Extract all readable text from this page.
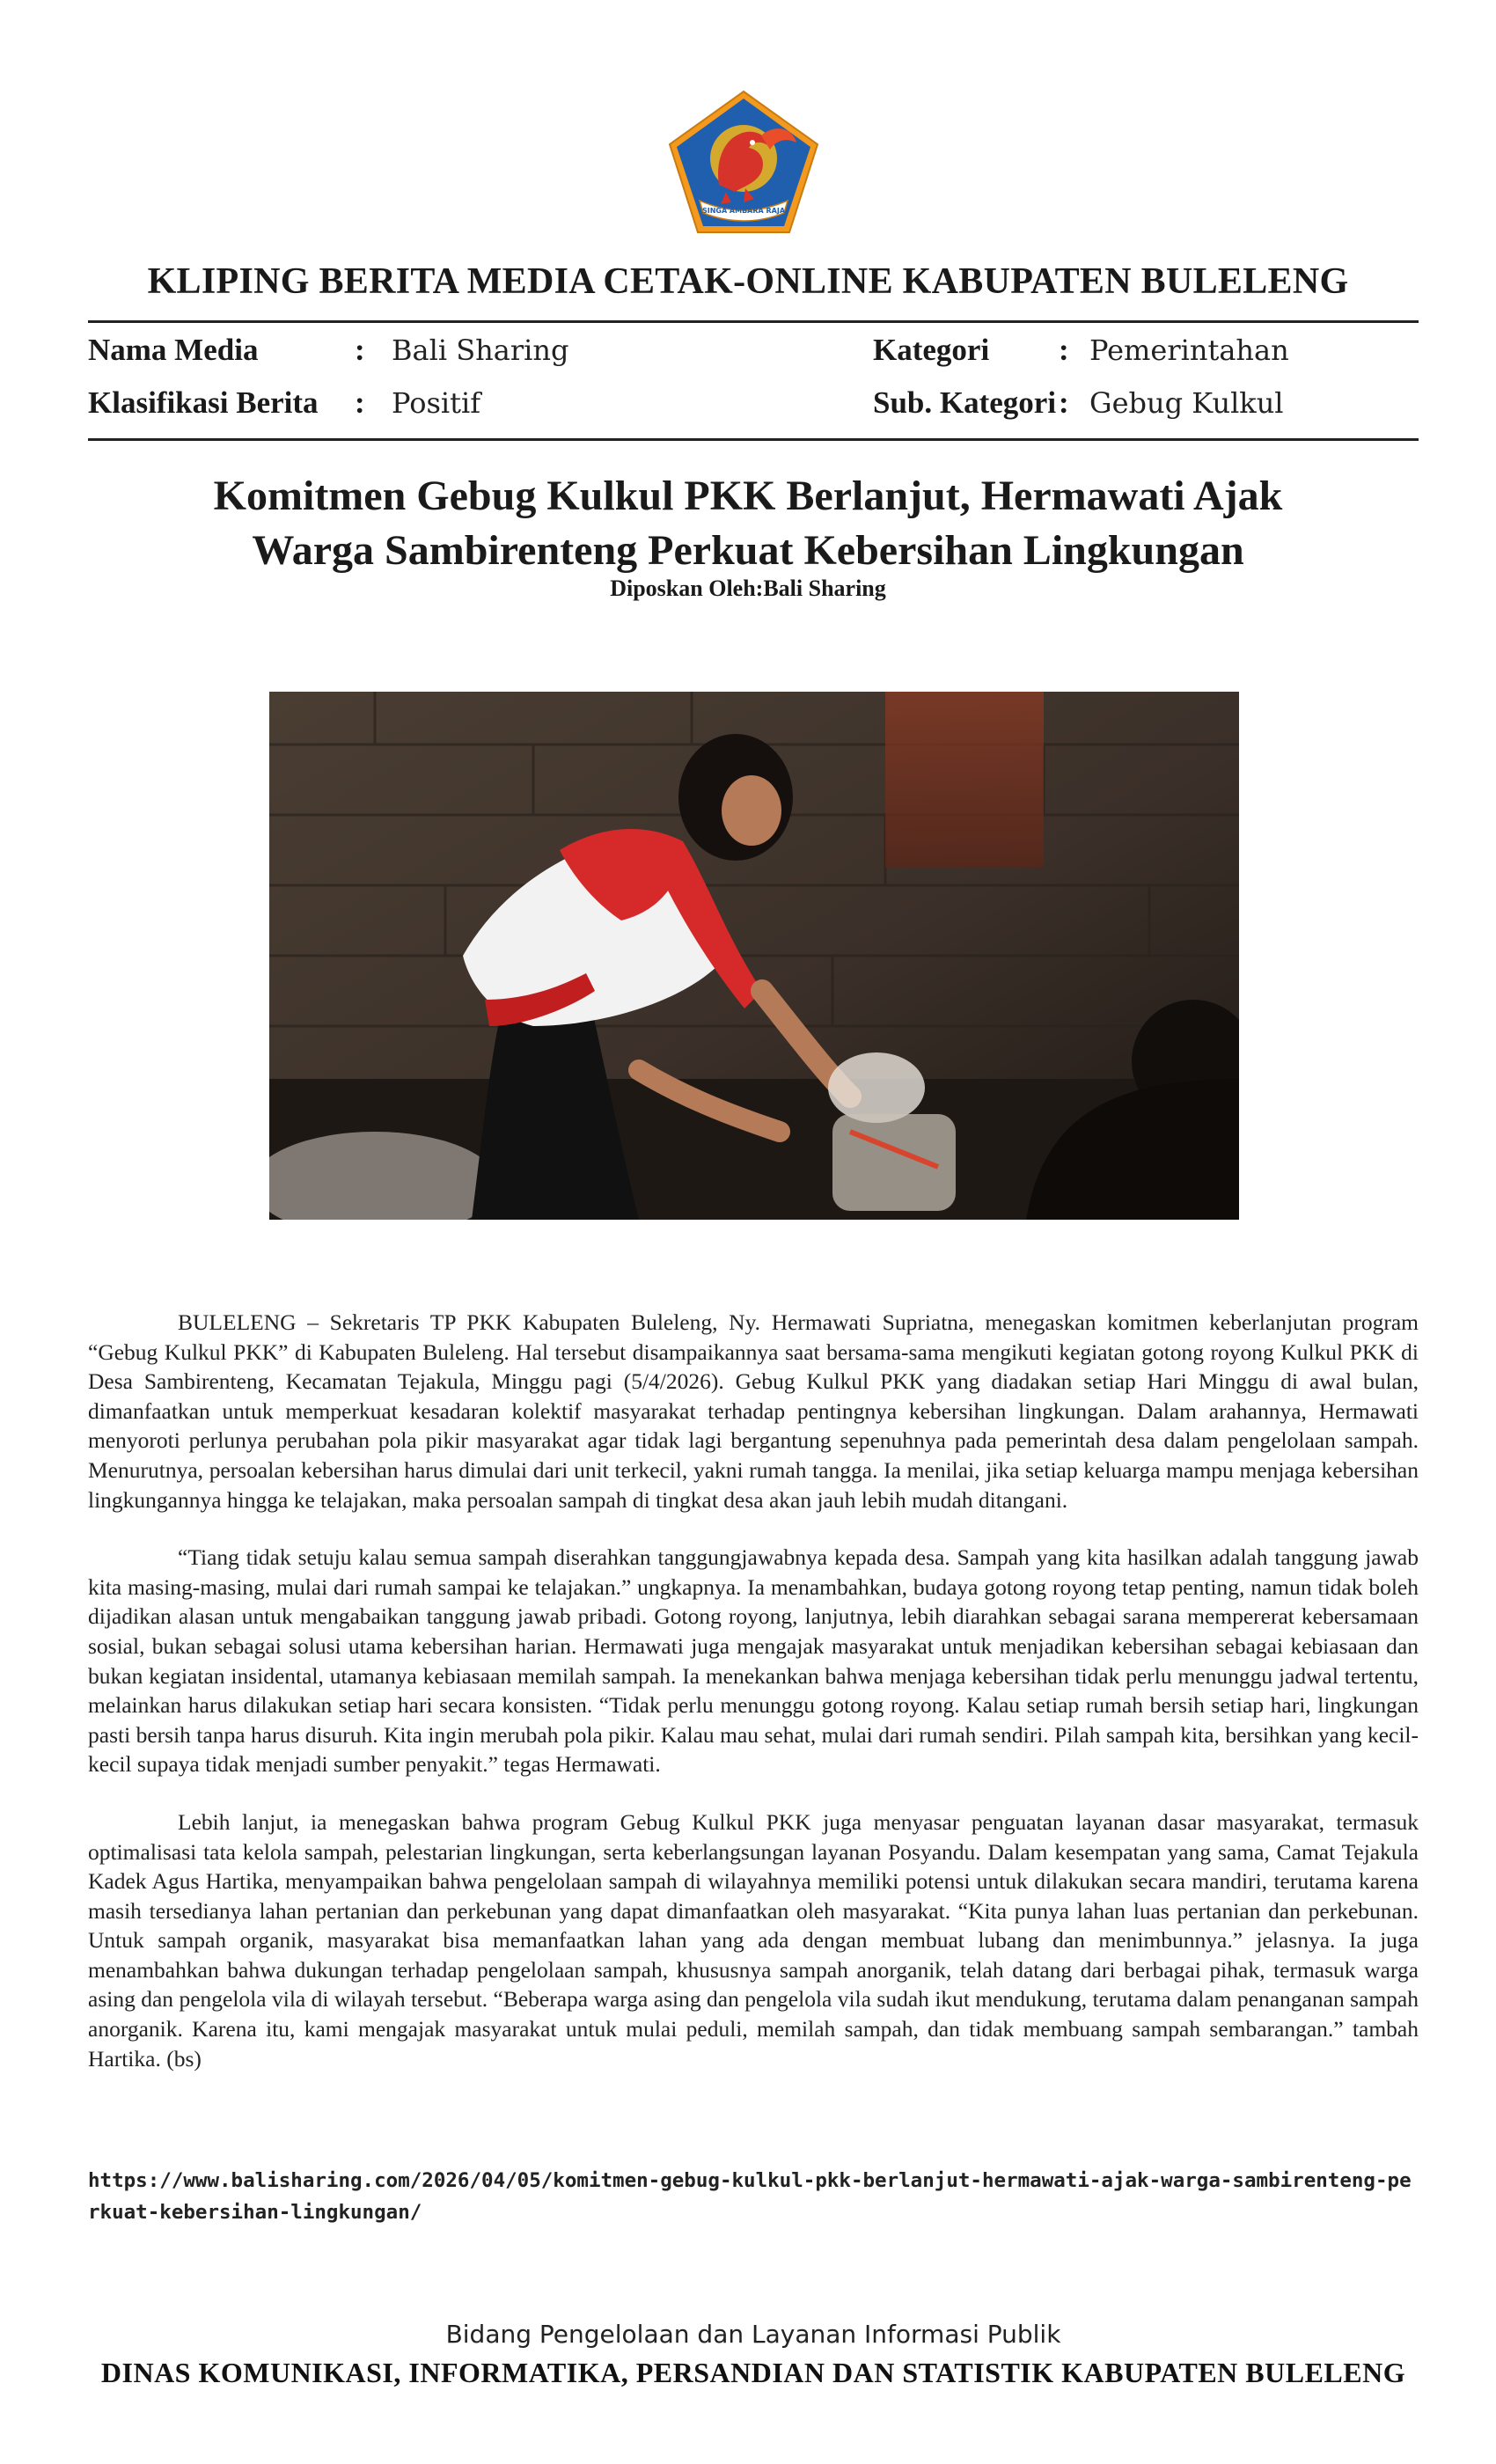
SINGA AMBARA RAJA
KLIPING BERITA MEDIA CETAK-ONLINE KABUPATEN BULELENG
Nama Media	: Bali Sharing	Kategori : Pemerintahan
Klasifikasi Berita : Positif	Sub. Kategori : Gebug Kulkul
Komitmen Gebug Kulkul PKK Berlanjut, Hermawati Ajak
Warga Sambirenteng Perkuat Kebersihan Lingkungan
Diposkan Oleh:Bali Sharing

BULELENG – Sekretaris TP PKK Kabupaten Buleleng, Ny. Hermawati Supriatna, menegaskan komitmen keberlanjutan program “Gebug Kulkul PKK” di Kabupaten Buleleng. Hal tersebut disampaikannya saat bersama-sama mengikuti kegiatan gotong royong Kulkul PKK di Desa Sambirenteng, Kecamatan Tejakula, Minggu pagi (5/4/2026). Gebug Kulkul PKK yang diadakan setiap Hari Minggu di awal bulan, dimanfaatkan untuk memperkuat kesadaran kolektif masyarakat terhadap pentingnya kebersihan lingkungan. Dalam arahannya, Hermawati menyoroti perlunya perubahan pola pikir masyarakat agar tidak lagi bergantung sepenuhnya pada pemerintah desa dalam pengelolaan sampah. Menurutnya, persoalan kebersihan harus dimulai dari unit terkecil, yakni rumah tangga. Ia menilai, jika setiap keluarga mampu menjaga kebersihan lingkungannya hingga ke telajakan, maka persoalan sampah di tingkat desa akan jauh lebih mudah ditangani.

“Tiang tidak setuju kalau semua sampah diserahkan tanggungjawabnya kepada desa. Sampah yang kita hasilkan adalah tanggung jawab kita masing-masing, mulai dari rumah sampai ke telajakan.” ungkapnya. Ia menambahkan, budaya gotong royong tetap penting, namun tidak boleh dijadikan alasan untuk mengabaikan tanggung jawab pribadi. Gotong royong, lanjutnya, lebih diarahkan sebagai sarana mempererat kebersamaan sosial, bukan sebagai solusi utama kebersihan harian. Hermawati juga mengajak masyarakat untuk menjadikan kebersihan sebagai kebiasaan dan bukan kegiatan insidental, utamanya kebiasaan memilah sampah. Ia menekankan bahwa menjaga kebersihan tidak perlu menunggu jadwal tertentu, melainkan harus dilakukan setiap hari secara konsisten. “Tidak perlu menunggu gotong royong. Kalau setiap rumah bersih setiap hari, lingkungan pasti bersih tanpa harus disuruh. Kita ingin merubah pola pikir. Kalau mau sehat, mulai dari rumah sendiri. Pilah sampah kita, bersihkan yang kecil-kecil supaya tidak menjadi sumber penyakit.” tegas Hermawati.

Lebih lanjut, ia menegaskan bahwa program Gebug Kulkul PKK juga menyasar penguatan layanan dasar masyarakat, termasuk optimalisasi tata kelola sampah, pelestarian lingkungan, serta keberlangsungan layanan Posyandu. Dalam kesempatan yang sama, Camat Tejakula Kadek Agus Hartika, menyampaikan bahwa pengelolaan sampah di wilayahnya memiliki potensi untuk dilakukan secara mandiri, terutama karena masih tersedianya lahan pertanian dan perkebunan yang dapat dimanfaatkan oleh masyarakat. “Kita punya lahan luas pertanian dan perkebunan. Untuk sampah organik, masyarakat bisa memanfaatkan lahan yang ada dengan membuat lubang dan menimbunnya.” jelasnya. Ia juga menambahkan bahwa dukungan terhadap pengelolaan sampah, khususnya sampah anorganik, telah datang dari berbagai pihak, termasuk warga asing dan pengelola vila di wilayah tersebut. “Beberapa warga asing dan pengelola vila sudah ikut mendukung, terutama dalam penanganan sampah anorganik. Karena itu, kami mengajak masyarakat untuk mulai peduli, memilah sampah, dan tidak membuang sampah sembarangan.” tambah Hartika. (bs)

https://www.balisharing.com/2026/04/05/komitmen-gebug-kulkul-pkk-berlanjut-hermawati-ajak-warga-sambirenteng-perkuat-kebersihan-lingkungan/
Bidang Pengelolaan dan Layanan Informasi Publik
DINAS KOMUNIKASI, INFORMATIKA, PERSANDIAN DAN STATISTIK KABUPATEN BULELENG
